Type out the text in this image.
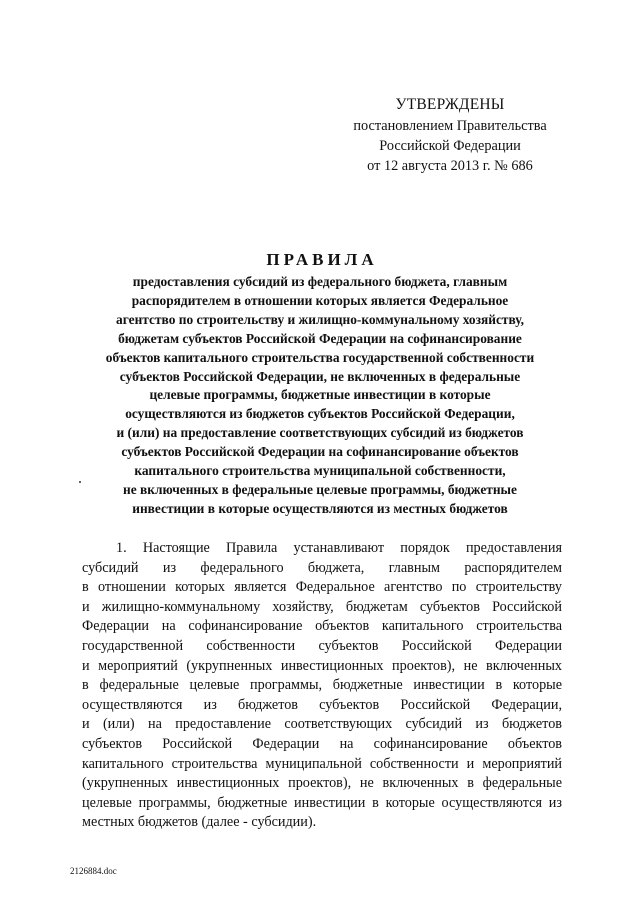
УТВЕРЖДЕНЫ
постановлением Правительства
Российской Федерации
от 12 августа 2013 г. № 686
ПРАВИЛА
предоставления субсидий из федерального бюджета, главным
распорядителем в отношении которых является Федеральное
агентство по строительству и жилищно-коммунальному хозяйству,
бюджетам субъектов Российской Федерации на софинансирование
объектов капитального строительства государственной собственности
субъектов Российской Федерации, не включенных в федеральные
целевые программы, бюджетные инвестиции в которые
осуществляются из бюджетов субъектов Российской Федерации,
и (или) на предоставление соответствующих субсидий из бюджетов
субъектов Российской Федерации на софинансирование объектов
капитального строительства муниципальной собственности,
не включенных в федеральные целевые программы, бюджетные
инвестиции в которые осуществляются из местных бюджетов
1. Настоящие Правила устанавливают порядок предоставления
субсидий из федерального бюджета, главным распорядителем
в отношении которых является Федеральное агентство по строительству
и жилищно-коммунальному хозяйству, бюджетам субъектов Российской
Федерации на софинансирование объектов капитального строительства
государственной собственности субъектов Российской Федерации
и мероприятий (укрупненных инвестиционных проектов), не включенных
в федеральные целевые программы, бюджетные инвестиции в которые
осуществляются из бюджетов субъектов Российской Федерации,
и (или) на предоставление соответствующих субсидий из бюджетов
субъектов Российской Федерации на софинансирование объектов
капитального строительства муниципальной собственности и мероприятий
(укрупненных инвестиционных проектов), не включенных в федеральные
целевые программы, бюджетные инвестиции в которые осуществляются из
местных бюджетов (далее - субсидии).
2126884.doc
